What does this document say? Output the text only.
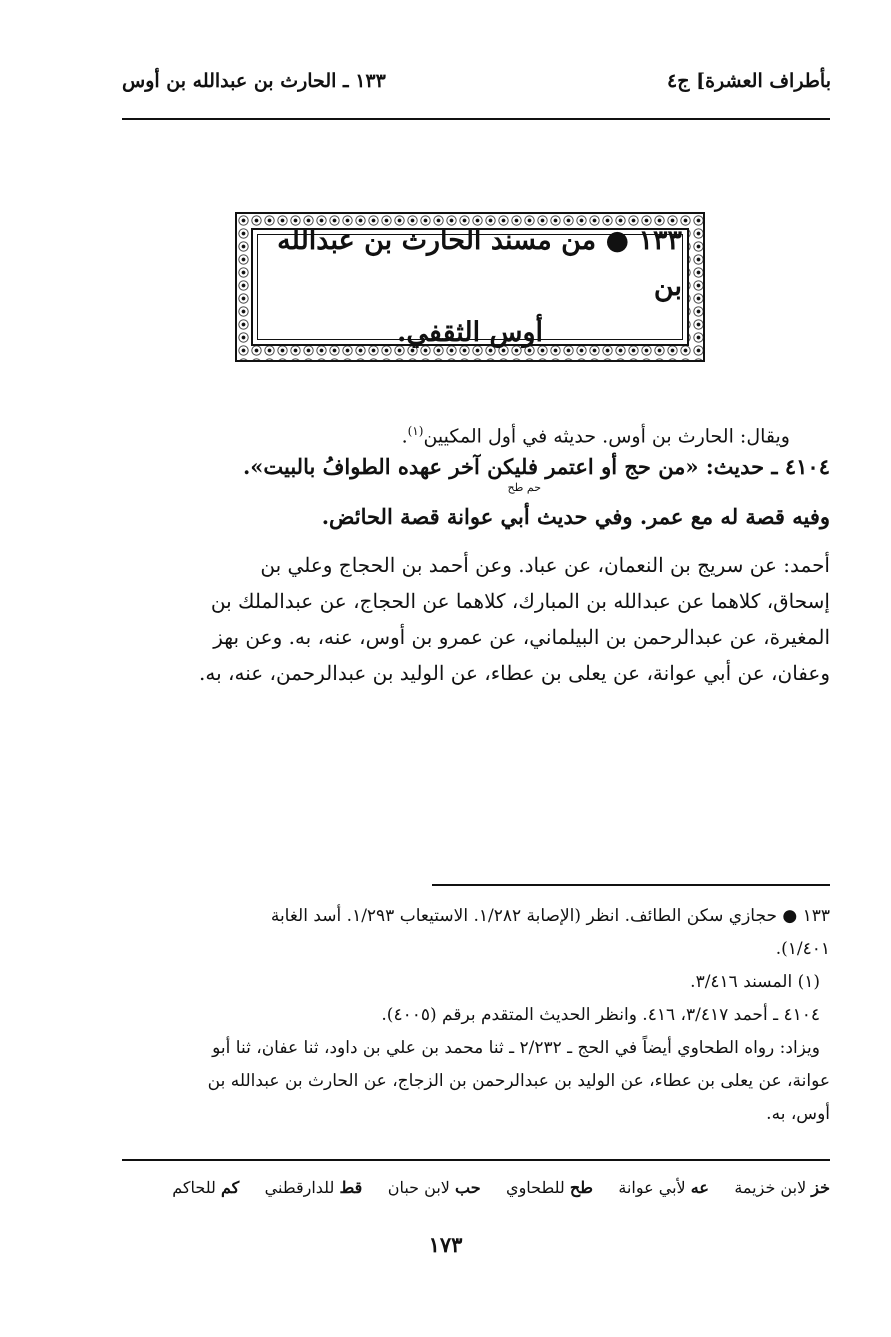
بأطراف العشرة] ج٤
١٣٣ ـ الحارث بن عبدالله بن أوس
١٣٣ ● من مسند الحارث بن عبدالله بن
أوس الثقفي.
ويقال: الحارث بن أوس. حديثه في أول المكيين$^{(١)}$.
٤١٠٤ ـ حديث: «من حج أو اعتمر فليكن آخر عهده الطوافُ بالبيت».
وفيه قصة له مع عمر. وفي حديث أبي عوانة قصة الحائض.
أحمد: عن سريج بن النعمان، عن عباد. وعن أحمد بن الحجاج وعلي بن
إسحاق، كلاهما عن عبدالله بن المبارك، كلاهما عن الحجاج، عن عبدالملك بن
المغيرة، عن عبدالرحمن بن البيلماني، عن عمرو بن أوس، عنه، به. وعن بهز
وعفان، عن أبي عوانة، عن يعلى بن عطاء، عن الوليد بن عبدالرحمن، عنه، به.
حم طح
١٣٣ ● حجازي سكن الطائف. انظر (الإصابة ١/٢٨٢. الاستيعاب ١/٢٩٣. أسد الغابة
١/٤٠١).
(١) المسند ٣/٤١٦.
٤١٠٤ ـ أحمد ٣/٤١٧، ٤١٦. وانظر الحديث المتقدم برقم (٤٠٠٥).
ويزاد: رواه الطحاوي أيضاً في الحج ـ ٢/٢٣٢ ـ ثنا محمد بن علي بن داود، ثنا عفان، ثنا أبو
عوانة، عن يعلى بن عطاء، عن الوليد بن عبدالرحمن بن الزجاج، عن الحارث بن عبدالله بن
أوس، به.
خز لابن خزيمة     عه لأبي عوانة     طح للطحاوي     حب لابن حبان     قط للدارقطني     كم للحاكم
١٧٣
